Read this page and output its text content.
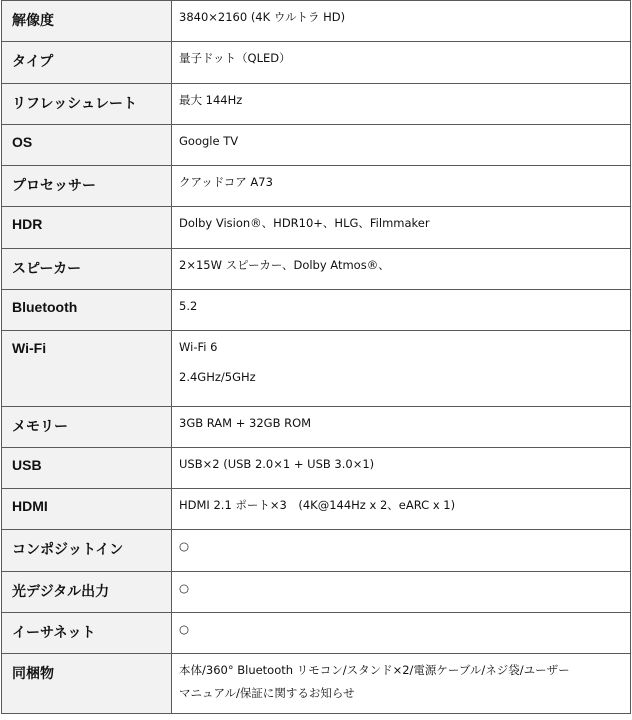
解像度	3840×2160 (4K ウルトラ HD)

タイプ	量子ドット（QLED）

リフレッシュレート	最大 144Hz

OS	Google TV

プロセッサー	クアッドコア A73

HDR	Dolby Vision®、HDR10+、HLG、Filmmaker

スピーカー	2×15W スピーカー、Dolby Atmos®、

Bluetooth	5.2

Wi-Fi	Wi-Fi 6
2.4GHz/5GHz

メモリー	3GB RAM + 32GB ROM

USB	USB×2 (USB 2.0×1 + USB 3.0×1)

HDMI	HDMI 2.1 ポート×3　(4K@144Hz x 2、eARC x 1)

コンポジットイン	○

光デジタル出力	○

イーサネット	○

同梱物	本体/360° Bluetooth リモコン/スタンド×2/電源ケーブル/ネジ袋/ユーザー
マニュアル/保証に関するお知らせ
